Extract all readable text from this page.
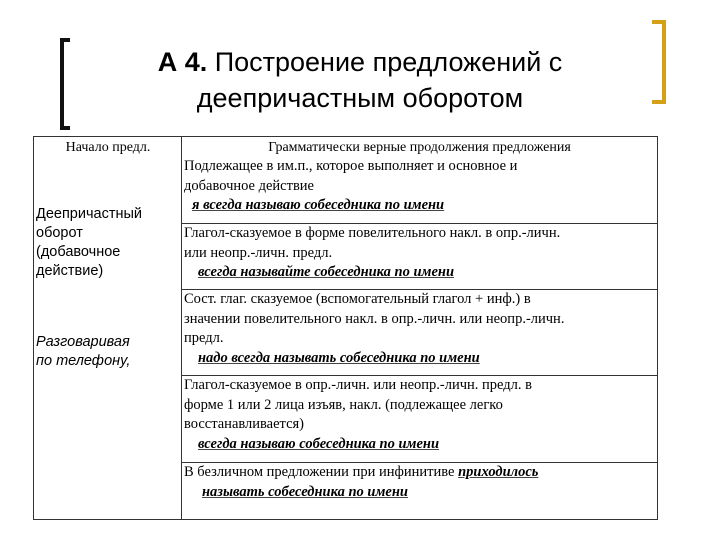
А 4. Построение предложений с
деепричастным оборотом
Начало предл.
Деепричастный
оборот
(добавочное
действие)
Разговаривая
по телефону,
Грамматически верные продолжения предложения
Подлежащее в им.п., которое выполняет и основное и
добавочное действие
я всегда называю собеседника по имени
Глагол-сказуемое в форме повелительного накл. в опр.-личн.
или неопр.-личн. предл.
всегда называйте собеседника по имени
Сост. глаг. сказуемое (вспомогательный глагол + инф.) в
значении повелительного накл. в опр.-личн. или неопр.-личн.
предл.
надо всегда называть собеседника по имени
Глагол-сказуемое в опр.-личн. или неопр.-личн. предл. в
форме 1 или 2 лица изъяв, накл. (подлежащее легко
восстанавливается)
всегда называю собеседника по имени
В безличном предложении при инфинитиве приходилось
называть собеседника по имени
